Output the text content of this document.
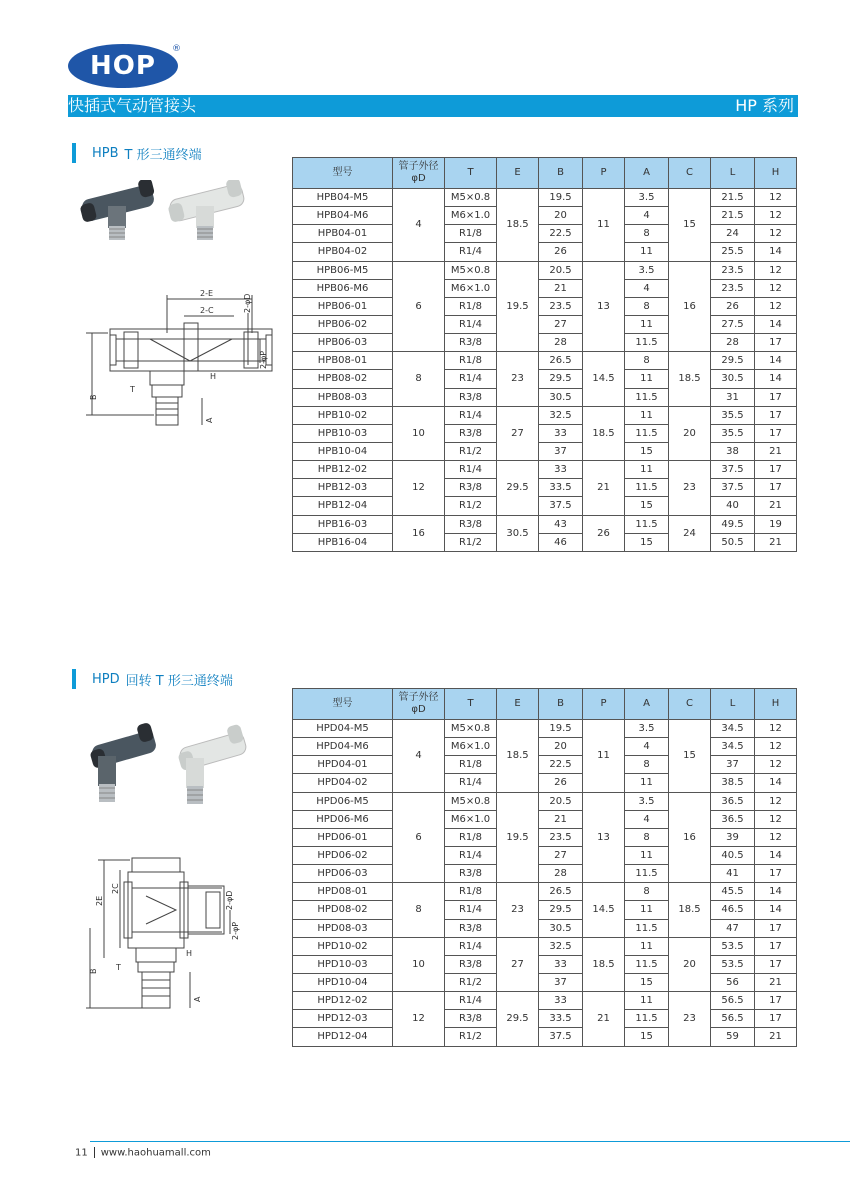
HOP
®
快插式气动管接头	HP 系列
HPB T 形三通终端
2-E
2-C	2-φD
2-φP
B
T
H
A
型号	管子外径 φD	T	E	B	P	A	C	L	H
HPB04-M5	4	M5×0.8	18.5	19.5	11	3.5	15	21.5	12
HPB04-M6		M6×1.0		20		4		21.5	12
HPB04-01		R1/8		22.5		8		24	12
HPB04-02		R1/4		26		11		25.5	14
HPB06-M5	6	M5×0.8	19.5	20.5	13	3.5	16	23.5	12
HPB06-M6		M6×1.0		21		4		23.5	12
HPB06-01		R1/8		23.5		8		26	12
HPB06-02		R1/4		27		11		27.5	14
HPB06-03		R3/8		28		11.5		28	17
HPB08-01	8	R1/8	23	26.5	14.5	8	18.5	29.5	14
HPB08-02		R1/4		29.5		11		30.5	14
HPB08-03		R3/8		30.5		11.5		31	17
HPB10-02	10	R1/4	27	32.5	18.5	11	20	35.5	17
HPB10-03		R3/8		33		11.5		35.5	17
HPB10-04		R1/2		37		15		38	21
HPB12-02	12	R1/4	29.5	33	21	11	23	37.5	17
HPB12-03		R3/8		33.5		11.5		37.5	17
HPB12-04		R1/2		37.5		15		40	21
HPB16-03	16	R3/8	30.5	43	26	11.5	24	49.5	19
HPB16-04		R1/2		46		15		50.5	21
HPD 回转 T 形三通终端
2E
2C
2-φD
2-φP
B T
H
A
型号	管子外径 φD	T	E	B	P	A	C	L	H
HPD04-M5	4	M5×0.8	18.5	19.5	11	3.5	15	34.5	12
HPD04-M6		M6×1.0		20		4		34.5	12
HPD04-01		R1/8		22.5		8		37	12
HPD04-02		R1/4		26		11		38.5	14
HPD06-M5	6	M5×0.8	19.5	20.5	13	3.5	16	36.5	12
HPD06-M6		M6×1.0		21		4		36.5	12
HPD06-01		R1/8		23.5		8		39	12
HPD06-02		R1/4		27		11		40.5	14
HPD06-03		R3/8		28		11.5		41	17
HPD08-01	8	R1/8	23	26.5	14.5	8	18.5	45.5	14
HPD08-02		R1/4		29.5		11		46.5	14
HPD08-03		R3/8		30.5		11.5		47	17
HPD10-02	10	R1/4	27	32.5	18.5	11	20	53.5	17
HPD10-03		R3/8		33		11.5		53.5	17
HPD10-04		R1/2		37		15		56	21
HPD12-02	12	R1/4	29.5	33	21	11	23	56.5	17
HPD12-03		R3/8		33.5		11.5		56.5	17
HPD12-04		R1/2		37.5		15		59	21
11 www.haohuamall.com
